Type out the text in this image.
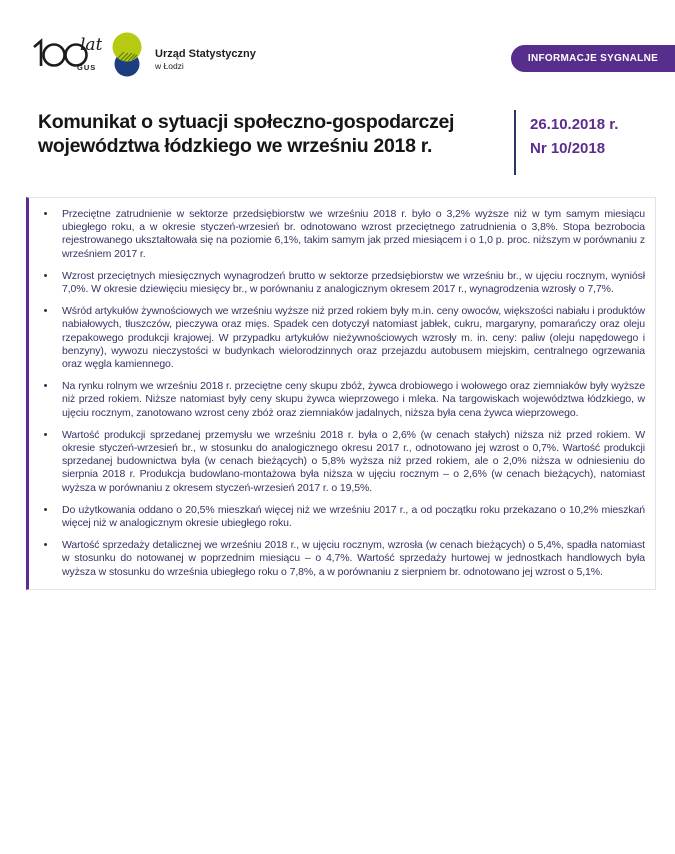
lat
GUS
Urząd Statystyczny
w Łodzi
INFORMACJE SYGNALNE
Komunikat o sytuacji społeczno-gospodarczej
województwa łódzkiego we wrześniu 2018 r.
26.10.2018 r.
Nr 10/2018
•	Przeciętne zatrudnienie w sektorze przedsiębiorstw we wrześniu 2018 r. było o 3,2% wyższe niż w tym samym miesiącu ubiegłego roku, a w okresie styczeń-wrzesień br. odnotowano wzrost przeciętnego zatrudnienia o 3,8%. Stopa bezrobocia rejestrowanego ukształtowała się na poziomie 6,1%, takim samym jak przed miesiącem i o 1,0 p. proc. niższym w porównaniu z wrześniem 2017 r.

•	Wzrost przeciętnych miesięcznych wynagrodzeń brutto w sektorze przedsiębiorstw we wrześniu br., w ujęciu rocznym, wyniósł 7,0%. W okresie dziewięciu miesięcy br., w porównaniu z analogicznym okresem 2017 r., wynagrodzenia wzrosły o 7,7%.

•	Wśród artykułów żywnościowych we wrześniu wyższe niż przed rokiem były m.in. ceny owoców, większości nabiału i produktów nabiałowych, tłuszczów, pieczywa oraz mięs. Spadek cen dotyczył natomiast jabłek, cukru, margaryny, pomarańczy oraz oleju rzepakowego produkcji krajowej. W przypadku artykułów nieżywnościowych wzrosły m. in. ceny: paliw (oleju napędowego i benzyny), wywozu nieczystości w budynkach wielorodzinnych oraz przejazdu autobusem miejskim, centralnego ogrzewania oraz węgla kamiennego.

•	Na rynku rolnym we wrześniu 2018 r. przeciętne ceny skupu zbóż, żywca drobiowego i wołowego oraz ziemniaków były wyższe niż przed rokiem. Niższe natomiast były ceny skupu żywca wieprzowego i mleka. Na targowiskach województwa łódzkiego, w ujęciu rocznym, zanotowano wzrost ceny zbóż oraz ziemniaków jadalnych, niższa była cena żywca wieprzowego.

•	Wartość produkcji sprzedanej przemysłu we wrześniu 2018 r. była o 2,6% (w cenach stałych) niższa niż przed rokiem. W okresie styczeń-wrzesień br., w stosunku do analogicznego okresu 2017 r., odnotowano jej wzrost o 0,7%. Wartość produkcji sprzedanej budownictwa była (w cenach bieżących) o 5,8% wyższa niż przed rokiem, ale o 2,0% niższa w odniesieniu do sierpnia 2018 r. Produkcja budowlano-montażowa była niższa w ujęciu rocznym – o 2,6% (w cenach bieżących), natomiast wyższa w porównaniu z okresem styczeń-wrzesień 2017 r. o 19,5%.

•	Do użytkowania oddano o 20,5% mieszkań więcej niż we wrześniu 2017 r., a od początku roku przekazano o 10,2% mieszkań więcej niż w analogicznym okresie ubiegłego roku.

•	Wartość sprzedaży detalicznej we wrześniu 2018 r., w ujęciu rocznym, wzrosła (w cenach bieżących) o 5,4%, spadła natomiast w stosunku do notowanej w poprzednim miesiącu – o 4,7%. Wartość sprzedaży hurtowej w jednostkach handlowych była wyższa w stosunku do września ubiegłego roku o 7,8%, a w porównaniu z sierpniem br. odnotowano jej wzrost o 5,1%.
